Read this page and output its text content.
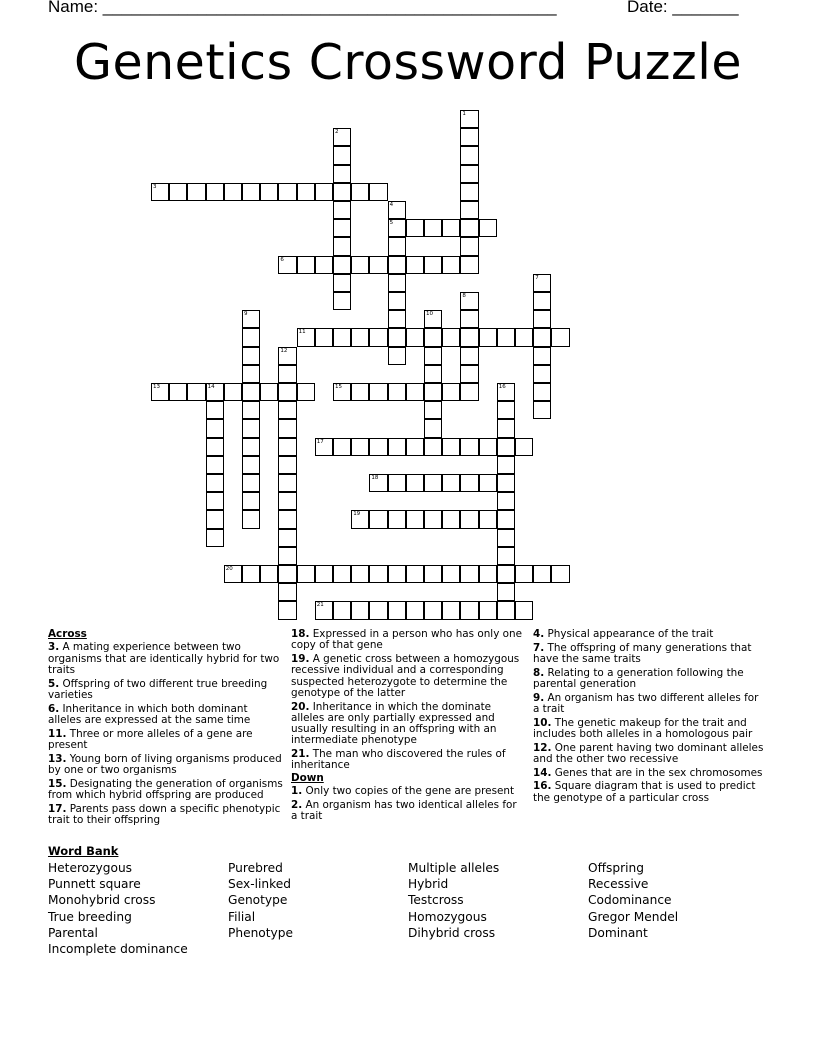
Name: ________________________________________________	Date: _______
Genetics Crossword Puzzle
1
2
3
4
5
6
7
8
9	10
11
12
13	14	15	16
17
18
19
20
21
Across
3. A mating experience between two organisms that are identically hybrid for two traits
5. Offspring of two different true breeding varieties
6. Inheritance in which both dominant alleles are expressed at the same time
11. Three or more alleles of a gene are present
13. Young born of living organisms produced by one or two organisms
15. Designating the generation of organisms from which hybrid offspring are produced
17. Parents pass down a specific phenotypic trait to their offspring
18. Expressed in a person who has only one copy of that gene
19. A genetic cross between a homozygous recessive individual and a corresponding suspected heterozygote to determine the genotype of the latter
20. Inheritance in which the dominate alleles are only partially expressed and usually resulting in an offspring with an intermediate phenotype
21. The man who discovered the rules of inheritance
Down
1. Only two copies of the gene are present
2. An organism has two identical alleles for a trait
4. Physical appearance of the trait
7. The offspring of many generations that have the same traits
8. Relating to a generation following the parental generation
9. An organism has two different alleles for a trait
10. The genetic makeup for the trait and includes both alleles in a homologous pair
12. One parent having two dominant alleles and the other two recessive
14. Genes that are in the sex chromosomes
16. Square diagram that is used to predict the genotype of a particular cross
Word Bank
Heterozygous
Punnett square
Monohybrid cross
True breeding
Parental
Incomplete dominance
Purebred
Sex-linked
Genotype
Filial
Phenotype
Multiple alleles
Hybrid
Testcross
Homozygous
Dihybrid cross
Offspring
Recessive
Codominance
Gregor Mendel
Dominant
